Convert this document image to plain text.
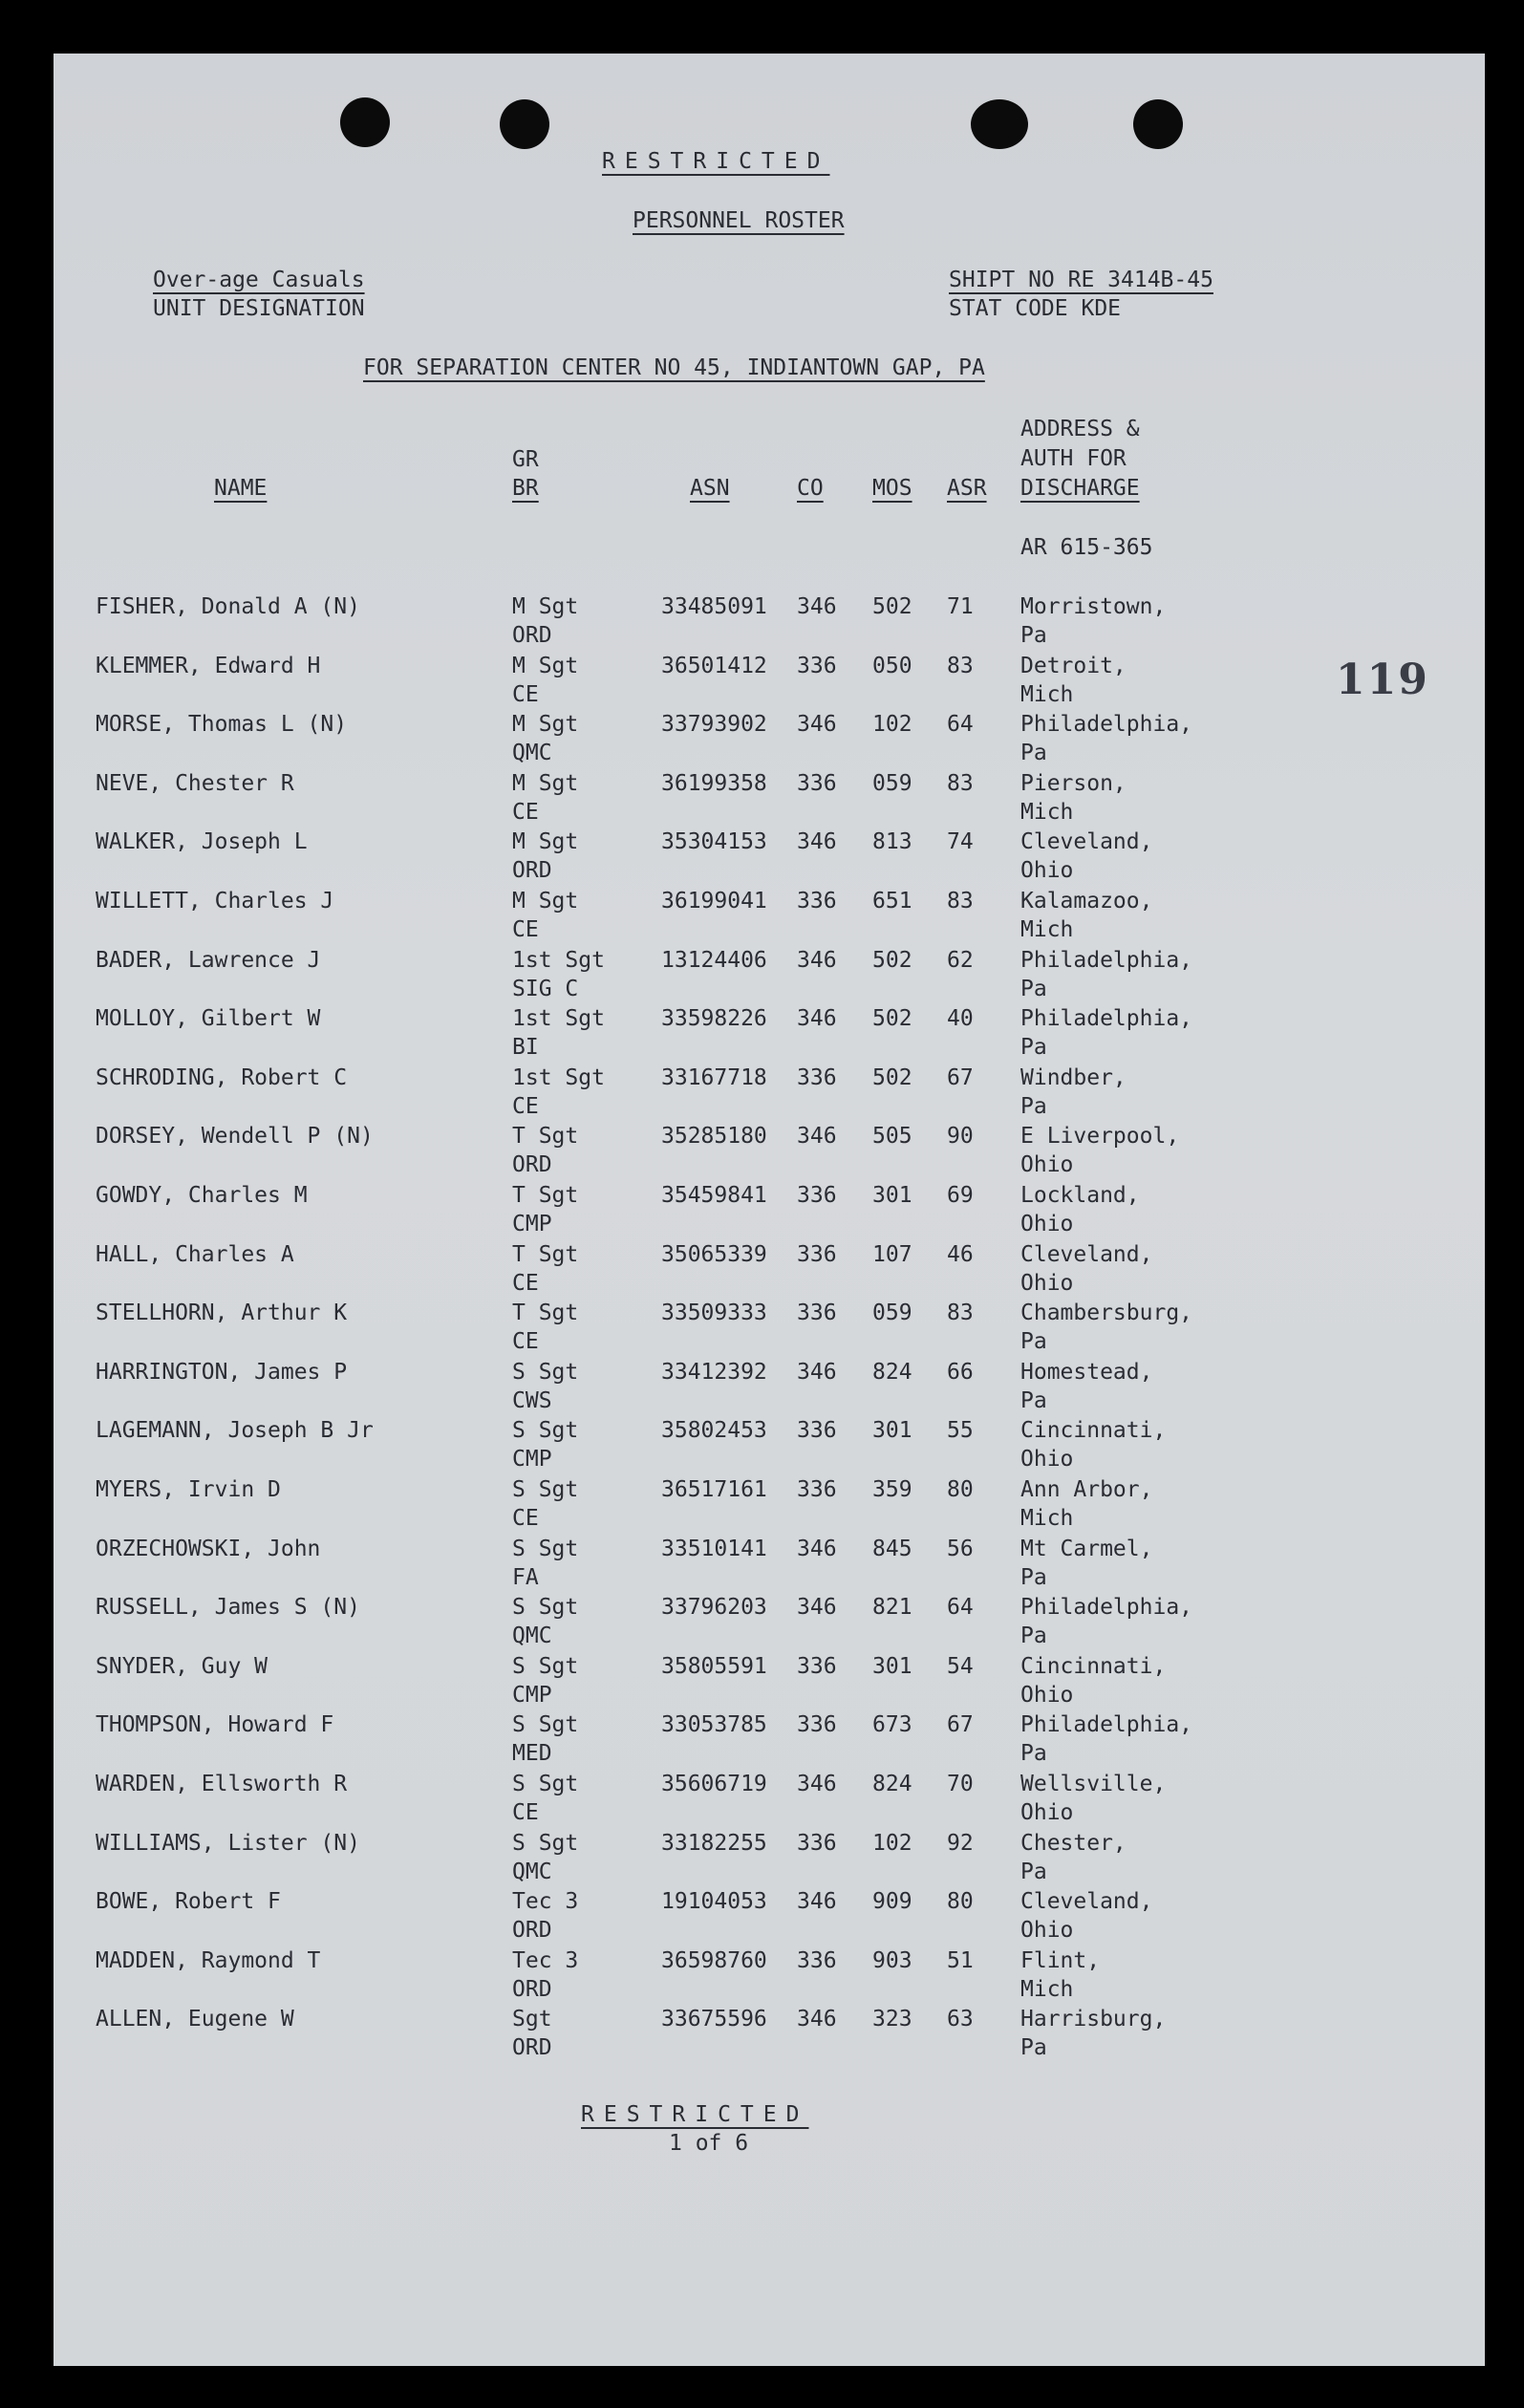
RESTRICTED
PERSONNEL ROSTER
Over-age Casuals
UNIT DESIGNATION
SHIPT NO RE 3414B-45
STAT CODE KDE
FOR SEPARATION CENTER NO 45, INDIANTOWN GAP, PA
NAME
GR
BR	ASN	CO MOS ASR
ADDRESS &
AUTH FOR
DISCHARGE
AR 615-365
119
FISHER, Donald A (N)	M Sgt	33485091 346 502 71 Morristown,
ORD	Pa
KLEMMER, Edward H	M Sgt	36501412 336 050 83 Detroit,
CE	Mich
MORSE, Thomas L (N)	M Sgt	33793902 346 102 64 Philadelphia,
QMC	Pa
NEVE, Chester R	M Sgt	36199358 336 059 83 Pierson,
CE	Mich
WALKER, Joseph L	M Sgt	35304153 346 813 74 Cleveland,
ORD	Ohio
WILLETT, Charles J	M Sgt	36199041 336 651 83 Kalamazoo,
CE	Mich
BADER, Lawrence J	1st Sgt	13124406 346 502 62 Philadelphia,
SIG C	Pa
MOLLOY, Gilbert W	1st Sgt	33598226 346 502 40 Philadelphia,
BI	Pa
SCHRODING, Robert C	1st Sgt	33167718 336 502 67 Windber,
CE	Pa
DORSEY, Wendell P (N)	T Sgt	35285180 346 505 90 E Liverpool,
ORD	Ohio
GOWDY, Charles M	T Sgt	35459841 336 301 69 Lockland,
CMP	Ohio
HALL, Charles A	T Sgt	35065339 336 107 46 Cleveland,
CE	Ohio
STELLHORN, Arthur K	T Sgt	33509333 336 059 83 Chambersburg,
CE	Pa
HARRINGTON, James P	S Sgt	33412392 346 824 66 Homestead,
CWS	Pa
LAGEMANN, Joseph B Jr	S Sgt	35802453 336 301 55 Cincinnati,
CMP	Ohio
MYERS, Irvin D	S Sgt	36517161 336 359 80 Ann Arbor,
CE	Mich
ORZECHOWSKI, John	S Sgt	33510141 346 845 56 Mt Carmel,
FA	Pa
RUSSELL, James S (N)	S Sgt	33796203 346 821 64 Philadelphia,
QMC	Pa
SNYDER, Guy W	S Sgt	35805591 336 301 54 Cincinnati,
CMP	Ohio
THOMPSON, Howard F	S Sgt	33053785 336 673 67 Philadelphia,
MED	Pa
WARDEN, Ellsworth R	S Sgt	35606719 346 824 70 Wellsville,
CE	Ohio
WILLIAMS, Lister (N)	S Sgt	33182255 336 102 92 Chester,
QMC	Pa
BOWE, Robert F	Tec 3	19104053 346 909 80 Cleveland,
ORD	Ohio
MADDEN, Raymond T	Tec 3	36598760 336 903 51 Flint,
ORD	Mich
ALLEN, Eugene W	Sgt	33675596 346 323 63 Harrisburg,
ORD	Pa
RESTRICTED
1 of 6
